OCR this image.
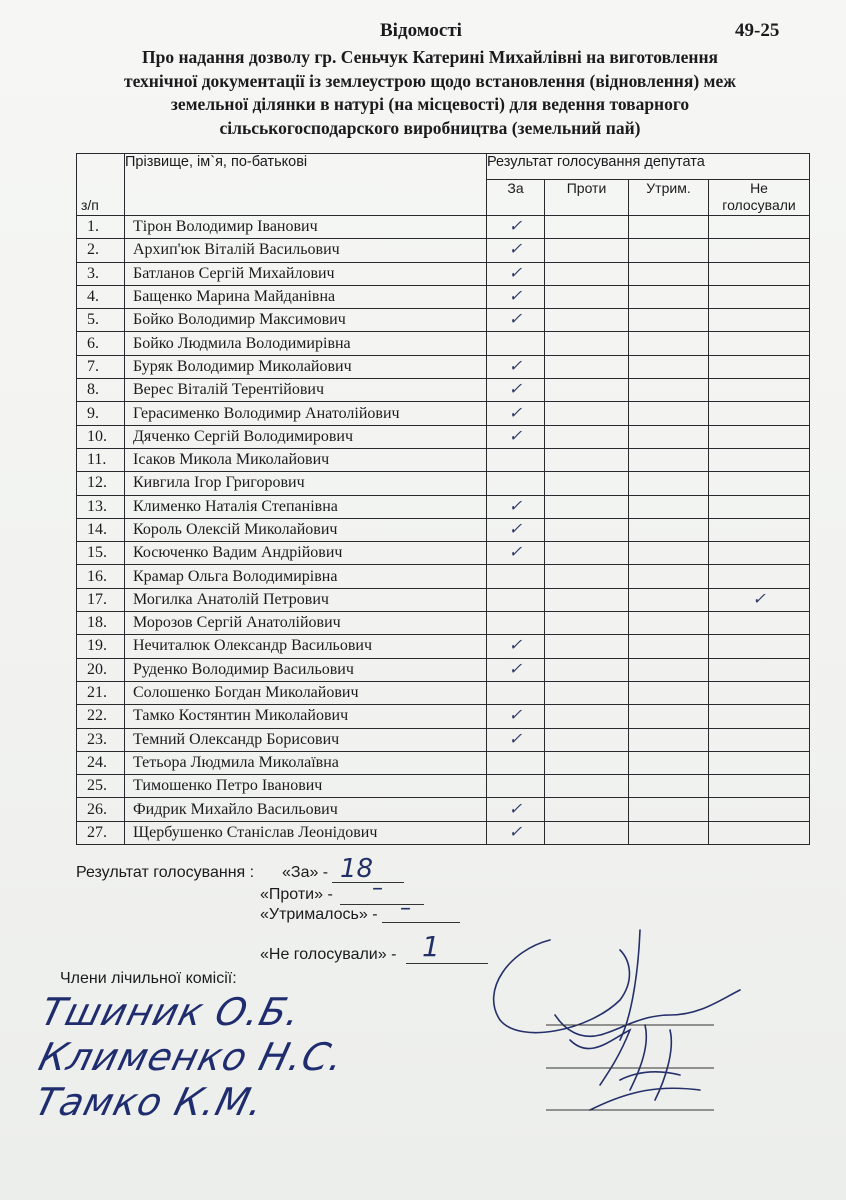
Відомості	49-25
Про надання дозволу гр. Сеньчук Катерині Михайлівні на виготовлення
технічної документації із землеустрою щодо встановлення (відновлення) меж
земельної ділянки в натурі (на місцевості) для ведення товарного
сільськогосподарского виробництва (земельний пай)
з/п	Прізвище, ім`я, по-батькові	Результат голосування депутата			
		За	Проти	Утрим.	Не
голосували

1.	Тірон Володимир Іванович	✓			
2.	Архип'юк Віталій Васильович	✓			
3.	Батланов Сергій Михайлович	✓			
4.	Бащенко Марина Майданівна	✓			
5.	Бойко Володимир Максимович	✓			
6.	Бойко Людмила Володимирівна				
7.	Буряк Володимир Миколайович	✓			
8.	Верес Віталій Терентійович	✓			
9.	Герасименко Володимир Анатолійович	✓			
10.	Дяченко Сергій Володимирович	✓			
11.	Ісаков Микола Миколайович				
12.	Кивгила Ігор Григорович				
13.	Клименко Наталія Степанівна	✓			
14.	Король Олексій Миколайович	✓			
15.	Косюченко Вадим Андрійович	✓			
16.	Крамар Ольга Володимирівна				
17.	Могилка Анатолій Петрович				✓
18.	Морозов Сергій Анатолійович				
19.	Нечиталюк Олександр Васильович	✓			
20.	Руденко Володимир Васильович	✓			
21.	Солошенко Богдан Миколайович				
22.	Тамко Костянтин Миколайович	✓			
23.	Темний Олександр Борисович	✓			
24.	Тетьора Людмила Миколаївна				
25.	Тимошенко Петро Іванович				
26.	Фидрик Михайло Васильович	✓			
27.	Щербушенко Станіслав Леонідович	✓			
Результат голосування : «За» - 18
«Проти» - –
«Утрималось» - –
«Не голосували» - 1
Члени лічильної комісії:
Тшиник О.Б.
Клименко Н.С.
Тамко К.М.
